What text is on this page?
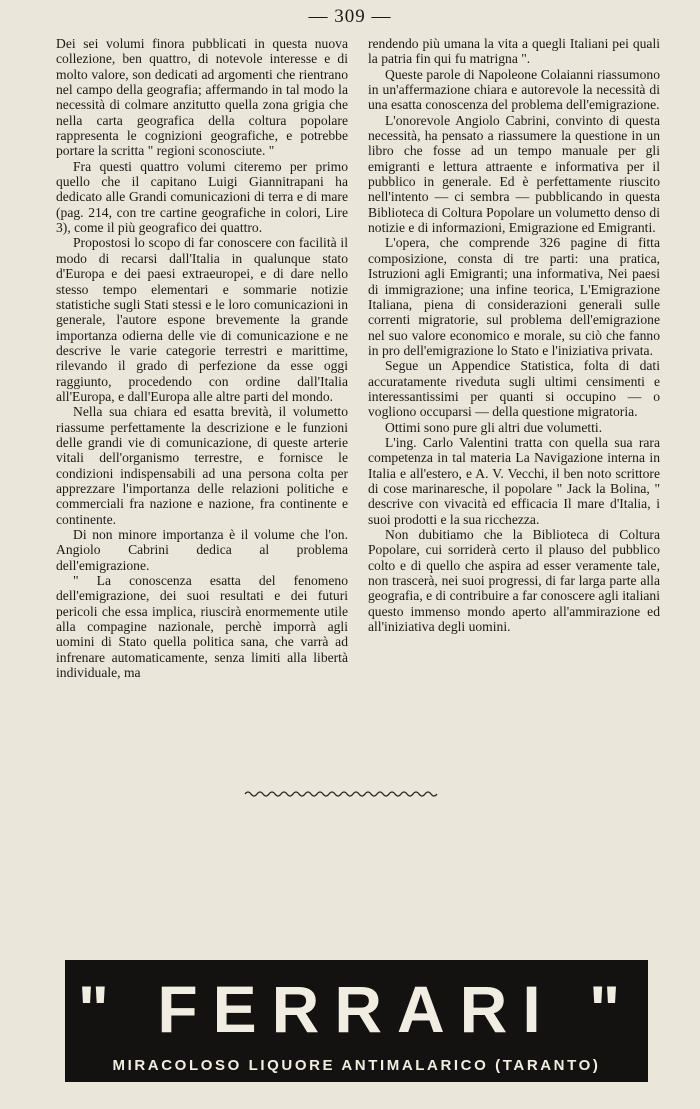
— 309 —

Dei sei volumi finora pubblicati in questa nuova collezione, ben quattro, di notevole interesse e di molto valore, son dedicati ad argomenti che rientrano nel campo della geografia; affermando in tal modo la necessità di colmare anzitutto quella zona grigia che nella carta geografica della coltura popolare rappresenta le cognizioni geografiche, e potrebbe portare la scritta " regioni sconosciute. "

Fra questi quattro volumi citeremo per primo quello che il capitano Luigi Giannitrapani ha dedicato alle Grandi comunicazioni di terra e di mare (pag. 214, con tre cartine geografiche in colori, Lire 3), come il più geografico dei quattro.

Propostosi lo scopo di far conoscere con facilità il modo di recarsi dall'Italia in qualunque stato d'Europa e dei paesi extraeuropei, e di dare nello stesso tempo elementari e sommarie notizie statistiche sugli Stati stessi e le loro comunicazioni in generale, l'autore espone brevemente la grande importanza odierna delle vie di comunicazione e ne descrive le varie categorie terrestri e marittime, rilevando il grado di perfezione da esse oggi raggiunto, procedendo con ordine dall'Italia all'Europa, e dall'Europa alle altre parti del mondo.

Nella sua chiara ed esatta brevità, il volumetto riassume perfettamente la descrizione e le funzioni delle grandi vie di comunicazione, di queste arterie vitali dell'organismo terrestre, e fornisce le condizioni indispensabili ad una persona colta per apprezzare l'importanza delle relazioni politiche e commerciali fra nazione e nazione, fra continente e continente.

Di non minore importanza è il volume che l'on. Angiolo Cabrini dedica al problema dell'emigrazione.

" La conoscenza esatta del fenomeno dell'emigrazione, dei suoi resultati e dei futuri pericoli che essa implica, riuscirà enormemente utile alla compagine nazionale, perchè imporrà agli uomini di Stato quella politica sana, che varrà ad infrenare automaticamente, senza limiti alla libertà individuale, ma

rendendo più umana la vita a quegli Italiani pei quali la patria fin qui fu matrigna ".

Queste parole di Napoleone Colaianni riassumono in un'affermazione chiara e autorevole la necessità di una esatta conoscenza del problema dell'emigrazione.

L'onorevole Angiolo Cabrini, convinto di questa necessità, ha pensato a riassumere la questione in un libro che fosse ad un tempo manuale per gli emigranti e lettura attraente e informativa per il pubblico in generale. Ed è perfettamente riuscito nell'intento — ci sembra — pubblicando in questa Biblioteca di Coltura Popolare un volumetto denso di notizie e di informazioni, Emigrazione ed Emigranti.

L'opera, che comprende 326 pagine di fitta composizione, consta di tre parti: una pratica, Istruzioni agli Emigranti; una informativa, Nei paesi di immigrazione; una infine teorica, L'Emigrazione Italiana, piena di considerazioni generali sulle correnti migratorie, sul problema dell'emigrazione nel suo valore economico e morale, su ciò che fanno in pro dell'emigrazione lo Stato e l'iniziativa privata.

Segue un Appendice Statistica, folta di dati accuratamente riveduta sugli ultimi censimenti e interessantissimi per quanti si occupino — o vogliono occuparsi — della questione migratoria.

Ottimi sono pure gli altri due volumetti.

L'ing. Carlo Valentini tratta con quella sua rara competenza in tal materia La Navigazione interna in Italia e all'estero, e A. V. Vecchi, il ben noto scrittore di cose marinaresche, il popolare " Jack la Bolina, " descrive con vivacità ed efficacia Il mare d'Italia, i suoi prodotti e la sua ricchezza.

Non dubitiamo che la Biblioteca di Coltura Popolare, cui sorriderà certo il plauso del pubblico colto e di quello che aspira ad esser veramente tale, non trascerà, nei suoi progressi, di far larga parte alla geografia, e di contribuire a far conoscere agli italiani questo immenso mondo aperto all'ammirazione ed all'iniziativa degli uomini.

" FERRARI "
MIRACOLOSO LIQUORE ANTIMALARICO (TARANTO)
